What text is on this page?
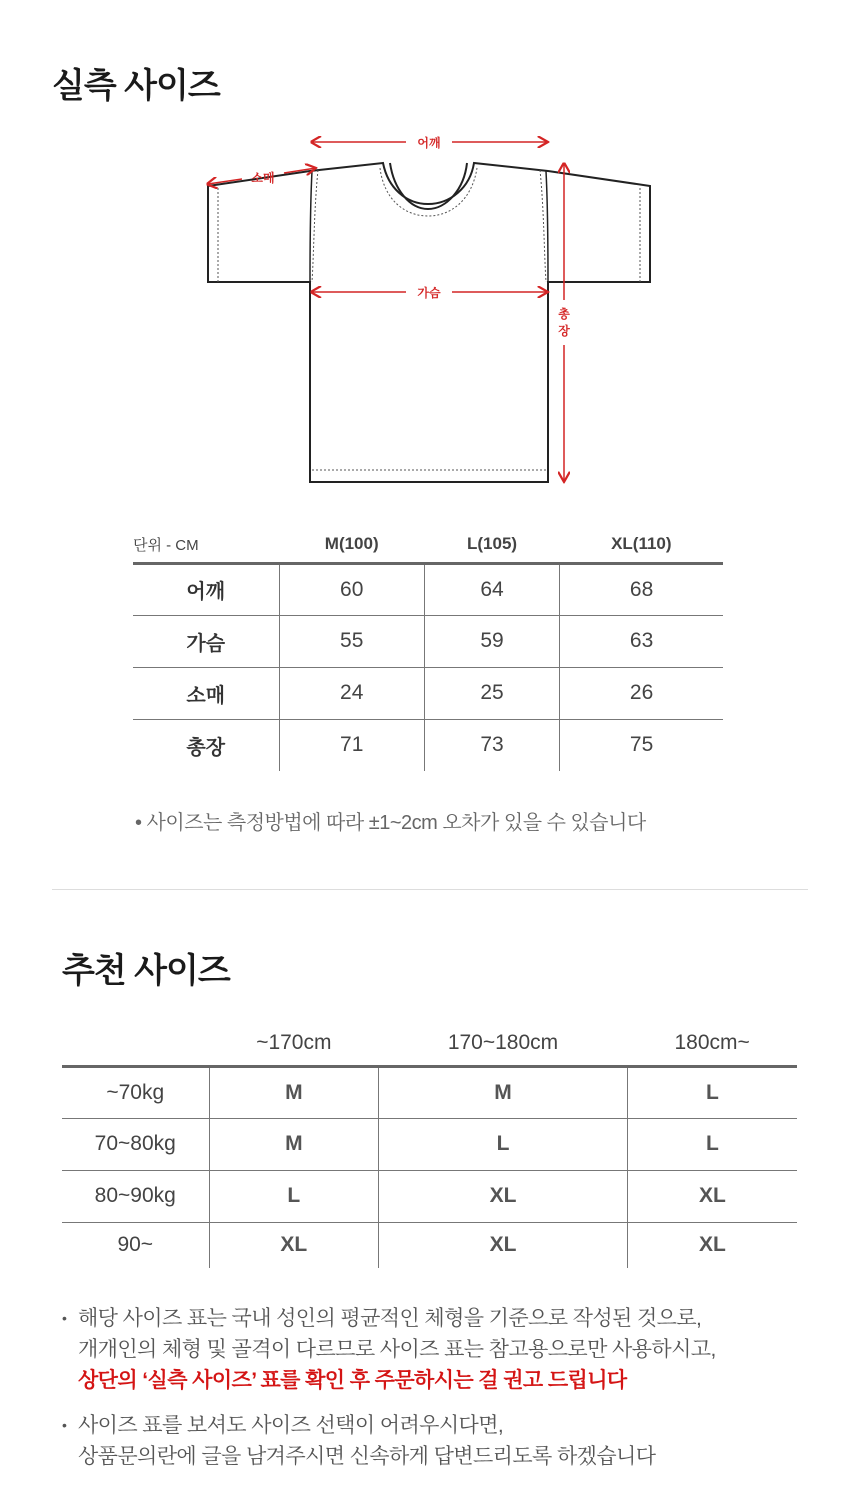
실측 사이즈
어깨
소매
가슴
총
장
단위 - CM	M(100)	L(105)	XL(110)
어깨	60	64	68
가슴	55	59	63
소매	24	25	26
총장	71	73	75
• 사이즈는 측정방법에 따라 ±1~2cm 오차가 있을 수 있습니다
추천 사이즈
	~170cm	170~180cm	180cm~
~70kg	M	M	L
70~80kg	M	L	L
80~90kg	L	XL	XL
90~	XL	XL	XL
• 해당 사이즈 표는 국내 성인의 평균적인 체형을 기준으로 작성된 것으로,
개개인의 체형 및 골격이 다르므로 사이즈 표는 참고용으로만 사용하시고,
상단의 ‘실측 사이즈’ 표를 확인 후 주문하시는 걸 권고 드립니다
• 사이즈 표를 보셔도 사이즈 선택이 어려우시다면,
상품문의란에 글을 남겨주시면 신속하게 답변드리도록 하겠습니다
